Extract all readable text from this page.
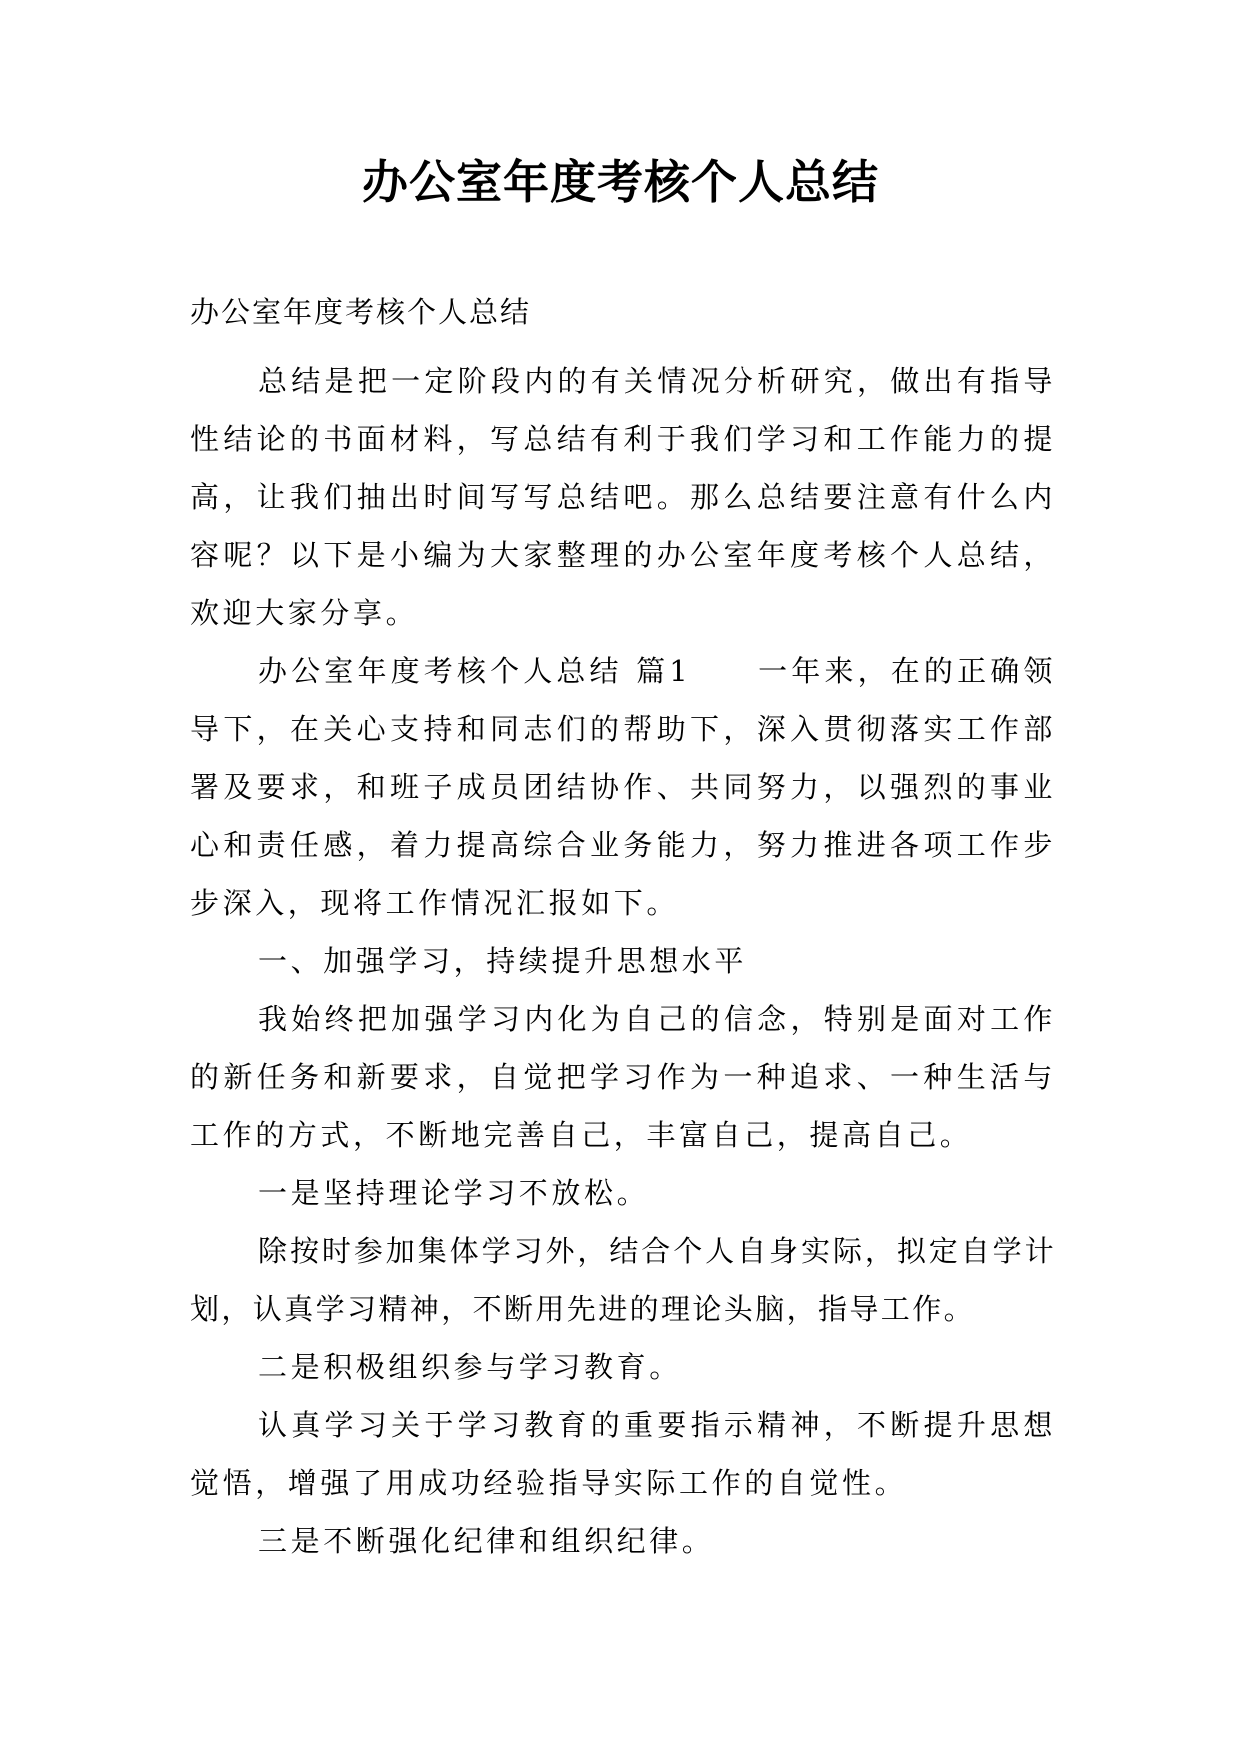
办公室年度考核个人总结

办公室年度考核个人总结

总结是把一定阶段内的有关情况分析研究，做出有指导性结论的书面材料，写总结有利于我们学习和工作能力的提高，让我们抽出时间写写总结吧。那么总结要注意有什么内容呢？以下是小编为大家整理的办公室年度考核个人总结，欢迎大家分享。

办公室年度考核个人总结 篇1　　一年来，在的正确领导下，在关心支持和同志们的帮助下，深入贯彻落实工作部署及要求，和班子成员团结协作、共同努力，以强烈的事业心和责任感，着力提高综合业务能力，努力推进各项工作步步深入，现将工作情况汇报如下。

一、加强学习，持续提升思想水平

我始终把加强学习内化为自己的信念，特别是面对工作的新任务和新要求，自觉把学习作为一种追求、一种生活与工作的方式，不断地完善自己，丰富自己，提高自己。

一是坚持理论学习不放松。

除按时参加集体学习外，结合个人自身实际，拟定自学计划，认真学习精神，不断用先进的理论头脑，指导工作。

二是积极组织参与学习教育。

认真学习关于学习教育的重要指示精神，不断提升思想觉悟，增强了用成功经验指导实际工作的自觉性。

三是不断强化纪律和组织纪律。
